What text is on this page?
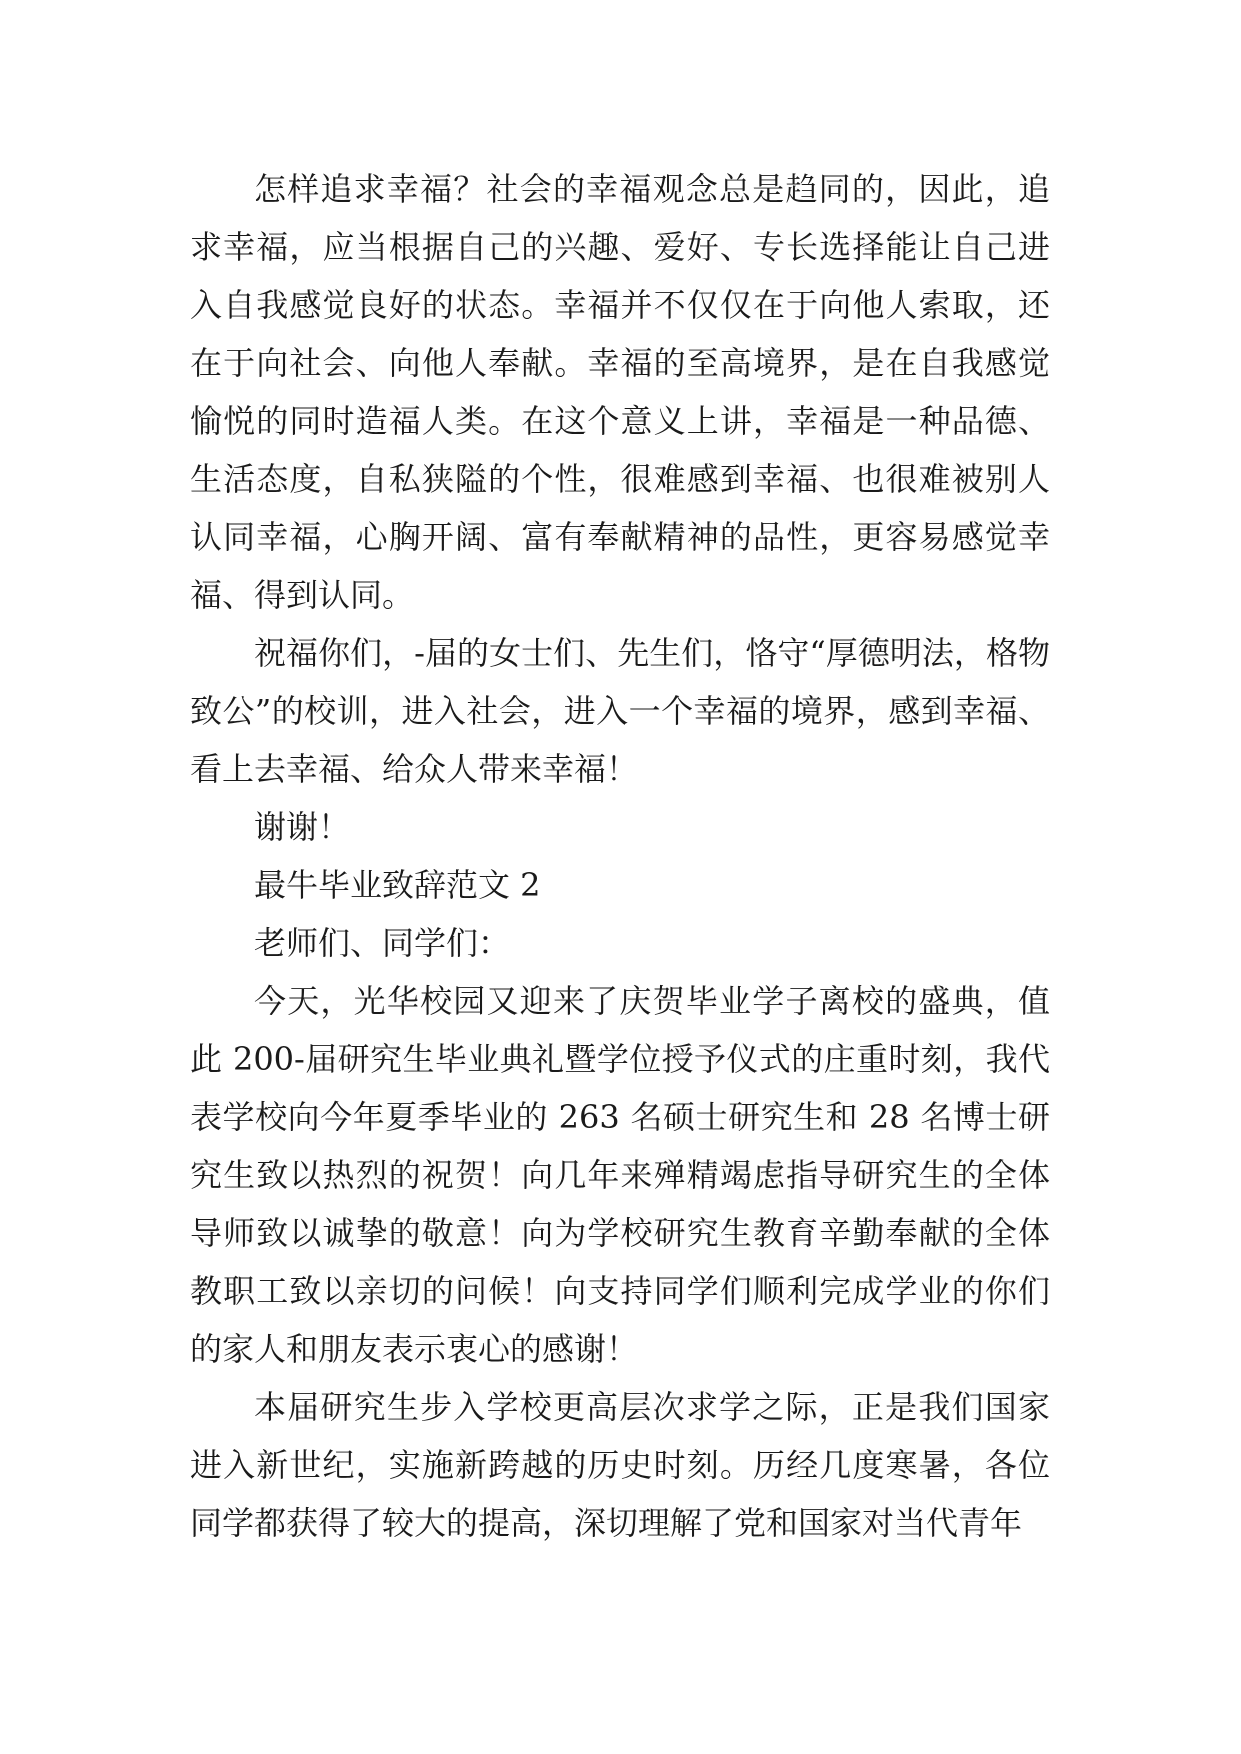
怎样追求幸福？社会的幸福观念总是趋同的，因此，追求幸福，应当根据自己的兴趣、爱好、专长选择能让自己进入自我感觉良好的状态。幸福并不仅仅在于向他人索取，还在于向社会、向他人奉献。幸福的至高境界，是在自我感觉愉悦的同时造福人类。在这个意义上讲，幸福是一种品德、生活态度，自私狭隘的个性，很难感到幸福、也很难被别人认同幸福，心胸开阔、富有奉献精神的品性，更容易感觉幸福、得到认同。

祝福你们，-届的女士们、先生们，恪守“厚德明法，格物致公”的校训，进入社会，进入一个幸福的境界，感到幸福、看上去幸福、给众人带来幸福！

谢谢！

最牛毕业致辞范文 2

老师们、同学们：

今天，光华校园又迎来了庆贺毕业学子离校的盛典，值此 200-届研究生毕业典礼暨学位授予仪式的庄重时刻，我代表学校向今年夏季毕业的 263 名硕士研究生和 28 名博士研究生致以热烈的祝贺！向几年来殚精竭虑指导研究生的全体导师致以诚挚的敬意！向为学校研究生教育辛勤奉献的全体教职工致以亲切的问候！向支持同学们顺利完成学业的你们的家人和朋友表示衷心的感谢！

本届研究生步入学校更高层次求学之际，正是我们国家进入新世纪，实施新跨越的历史时刻。历经几度寒暑，各位同学都获得了较大的提高，深切理解了党和国家对当代青年
